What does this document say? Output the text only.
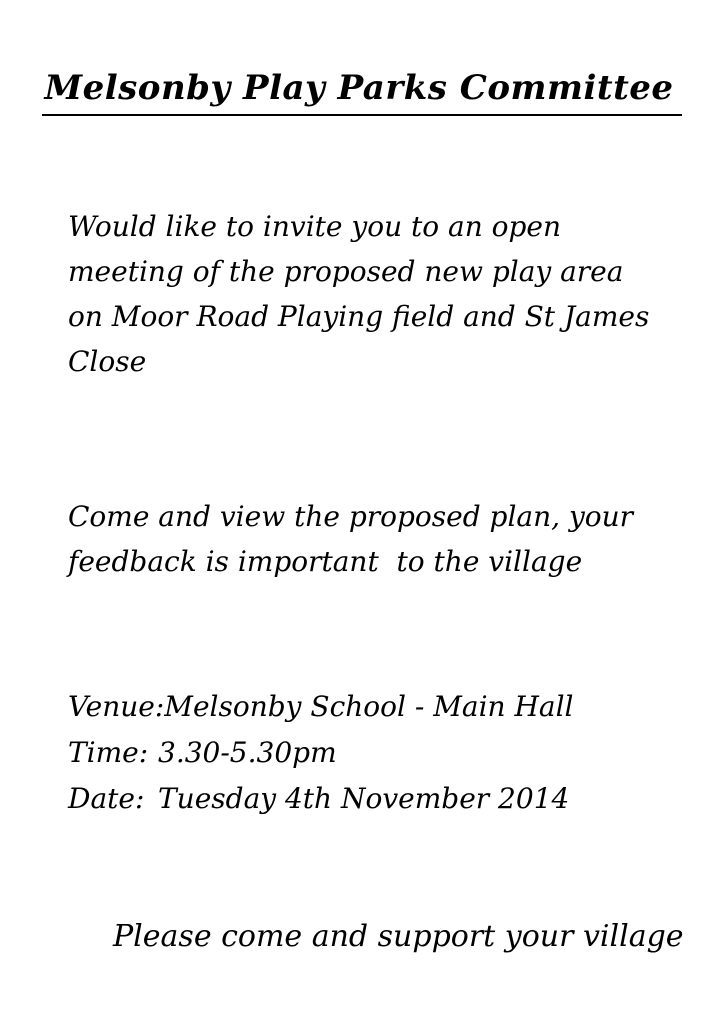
Melsonby Play Parks Committee

Would like to invite you to an open meeting of the proposed new play area on Moor Road Playing field and St James Close

Come and view the proposed plan, your feedback is important  to the village

Venue: Melsonby School - Main Hall
Time: 3.30-5.30pm
Date: Tuesday 4th November 2014

Please come and support your village
